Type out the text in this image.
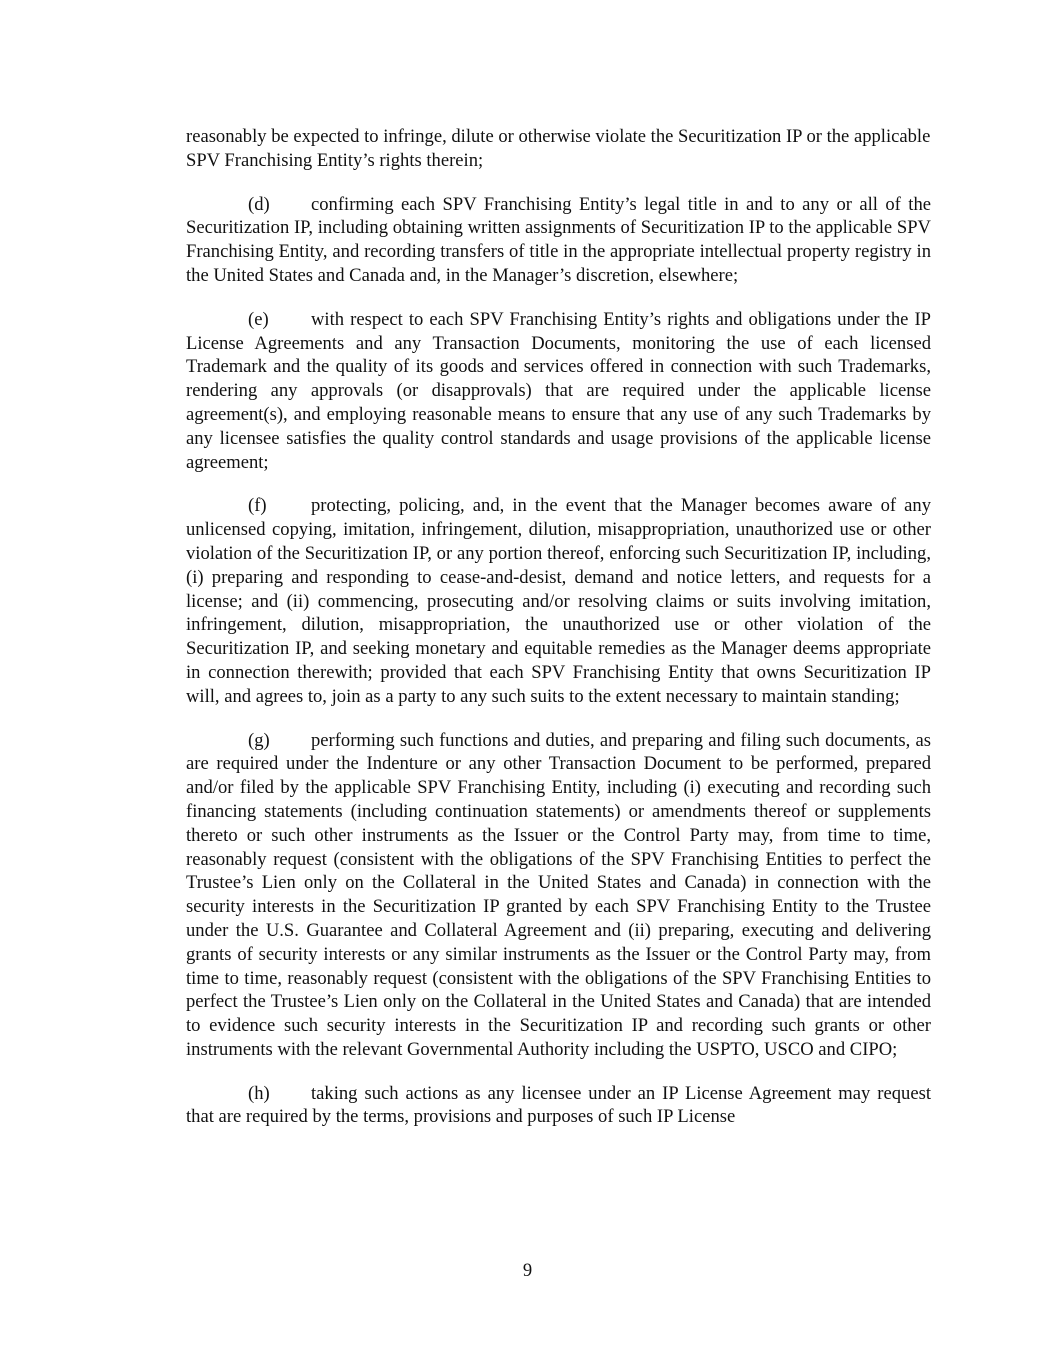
reasonably be expected to infringe, dilute or otherwise violate the Securitization IP or the applicable SPV Franchising Entity’s rights therein;

(d) confirming each SPV Franchising Entity’s legal title in and to any or all of the Securitization IP, including obtaining written assignments of Securitization IP to the applicable SPV Franchising Entity, and recording transfers of title in the appropriate intellectual property registry in the United States and Canada and, in the Manager’s discretion, elsewhere;

(e) with respect to each SPV Franchising Entity’s rights and obligations under the IP License Agreements and any Transaction Documents, monitoring the use of each licensed Trademark and the quality of its goods and services offered in connection with such Trademarks, rendering any approvals (or disapprovals) that are required under the applicable license agreement(s), and employing reasonable means to ensure that any use of any such Trademarks by any licensee satisfies the quality control standards and usage provisions of the applicable license agreement;

(f) protecting, policing, and, in the event that the Manager becomes aware of any unlicensed copying, imitation, infringement, dilution, misappropriation, unauthorized use or other violation of the Securitization IP, or any portion thereof, enforcing such Securitization IP, including, (i) preparing and responding to cease-and-desist, demand and notice letters, and requests for a license; and (ii) commencing, prosecuting and/or resolving claims or suits involving imitation, infringement, dilution, misappropriation, the unauthorized use or other violation of the Securitization IP, and seeking monetary and equitable remedies as the Manager deems appropriate in connection therewith; provided that each SPV Franchising Entity that owns Securitization IP will, and agrees to, join as a party to any such suits to the extent necessary to maintain standing;

(g) performing such functions and duties, and preparing and filing such documents, as are required under the Indenture or any other Transaction Document to be performed, prepared and/or filed by the applicable SPV Franchising Entity, including (i) executing and recording such financing statements (including continuation statements) or amendments thereof or supplements thereto or such other instruments as the Issuer or the Control Party may, from time to time, reasonably request (consistent with the obligations of the SPV Franchising Entities to perfect the Trustee’s Lien only on the Collateral in the United States and Canada) in connection with the security interests in the Securitization IP granted by each SPV Franchising Entity to the Trustee under the U.S. Guarantee and Collateral Agreement and (ii) preparing, executing and delivering grants of security interests or any similar instruments as the Issuer or the Control Party may, from time to time, reasonably request (consistent with the obligations of the SPV Franchising Entities to perfect the Trustee’s Lien only on the Collateral in the United States and Canada) that are intended to evidence such security interests in the Securitization IP and recording such grants or other instruments with the relevant Governmental Authority including the USPTO, USCO and CIPO;

(h) taking such actions as any licensee under an IP License Agreement may request that are required by the terms, provisions and purposes of such IP License

9
